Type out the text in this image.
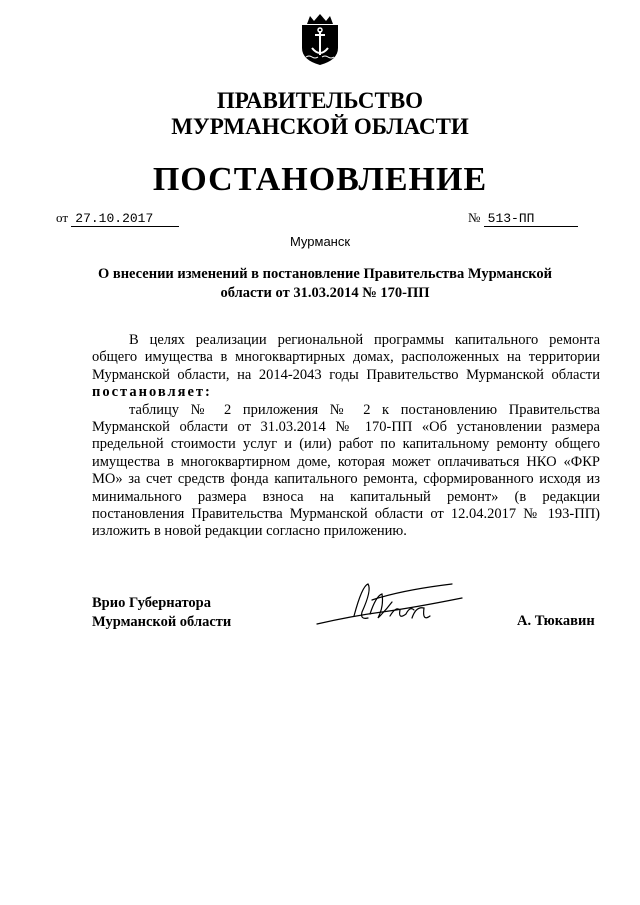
ПРАВИТЕЛЬСТВО
МУРМАНСКОЙ ОБЛАСТИ
ПОСТАНОВЛЕНИЕ
от 27.10.2017	№ 513-ПП
Мурманск
О внесении изменений в постановление Правительства Мурманской
области от 31.03.2014 № 170-ПП

В целях реализации региональной программы капитального ремонта общего имущества в многоквартирных домах, расположенных на территории Мурманской области, на 2014-2043 годы Правительство Мурманской области постановляет:

таблицу № 2 приложения № 2 к постановлению Правительства Мурманской области от 31.03.2014 № 170-ПП «Об установлении размера предельной стоимости услуг и (или) работ по капитальному ремонту общего имущества в многоквартирном доме, которая может оплачиваться НКО «ФКР МО» за счет средств фонда капитального ремонта, сформированного исходя из минимального размера взноса на капитальный ремонт» (в редакции постановления Правительства Мурманской области от 12.04.2017 № 193-ПП) изложить в новой редакции согласно приложению.

Врио Губернатора
Мурманской области	А. Тюкавин
